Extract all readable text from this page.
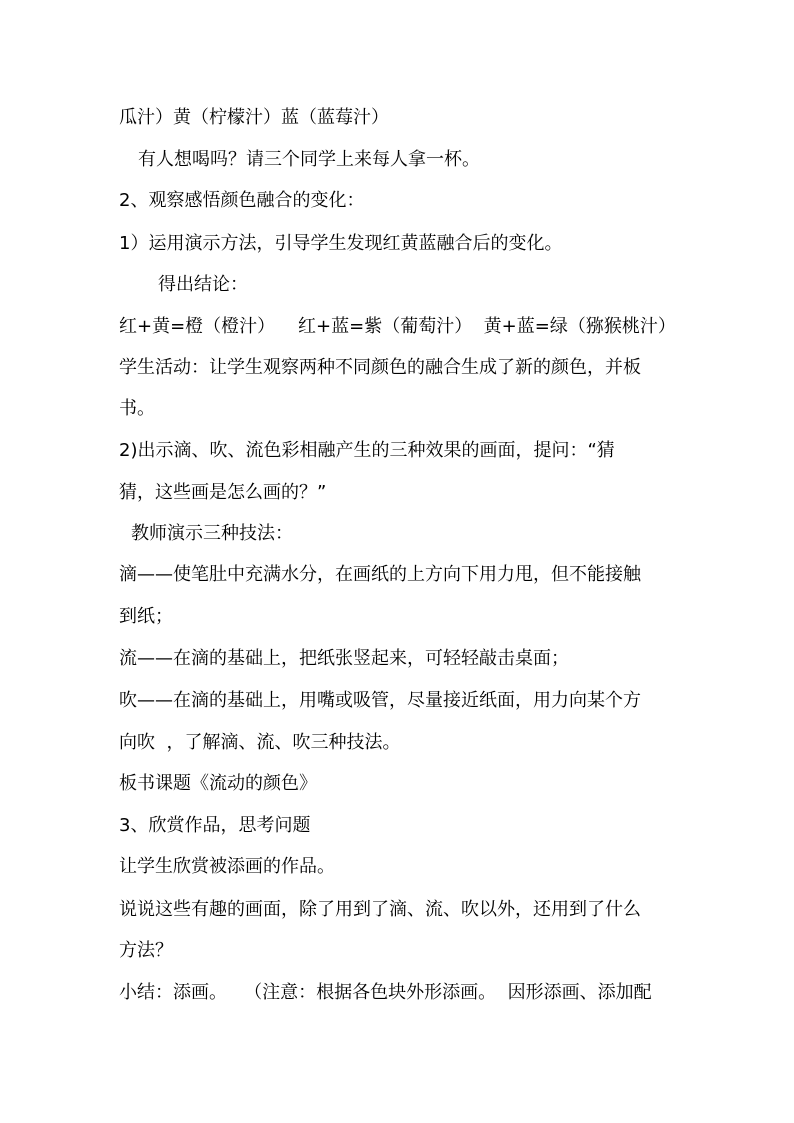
瓜汁）黄（柠檬汁）蓝（蓝莓汁）
有人想喝吗？请三个同学上来每人拿一杯。
2、观察感悟颜色融合的变化：
1）运用演示方法，引导学生发现红黄蓝融合后的变化。
得出结论：
红+黄=橙（橙汁）    红+蓝=紫（葡萄汁）  黄+蓝=绿（猕猴桃汁）
学生活动：让学生观察两种不同颜色的融合生成了新的颜色，并板
书。
2)出示滴、吹、流色彩相融产生的三种效果的画面，提问：“猜
猜，这些画是怎么画的？”
教师演示三种技法：
滴——使笔肚中充满水分，在画纸的上方向下用力甩，但不能接触
到纸；
流——在滴的基础上，把纸张竖起来，可轻轻敲击桌面；
吹——在滴的基础上，用嘴或吸管，尽量接近纸面，用力向某个方
向吹  ，了解滴、流、吹三种技法。
板书课题《流动的颜色》
3、欣赏作品，思考问题
让学生欣赏被添画的作品。
说说这些有趣的画面，除了用到了滴、流、吹以外，还用到了什么
方法？
小结：添画。   （注意：根据各色块外形添画。  因形添画、添加配
